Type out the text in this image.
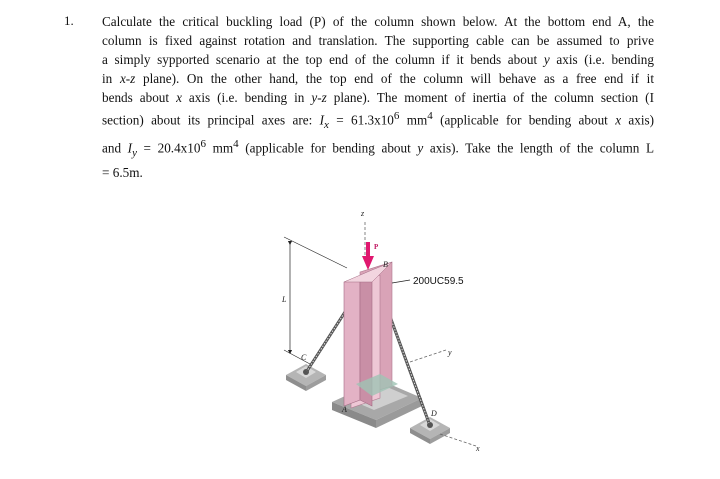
1. Calculate the critical buckling load (P) of the column shown below. At the bottom end A, the
column is fixed against rotation and translation. The supporting cable can be assumed to prive
a simply sypported scenario at the top end of the column if it bends about y axis (i.e. bending
in x-z plane). On the other hand, the top end of the column will behave as a free end if it
bends about x axis (i.e. bending in y-z plane). The moment of inertia of the column section (I
section) about its principal axes are: $I_x = 61.3x10^6$ $mm^4$ (applicable for bending about x axis)
and $I_y = 20.4x10^6$ $mm^4$ (applicable for bending about y axis). Take the length of the column L
= 6.5m.

z
P
B
200UC59.5
L
C
A	D
y
x
